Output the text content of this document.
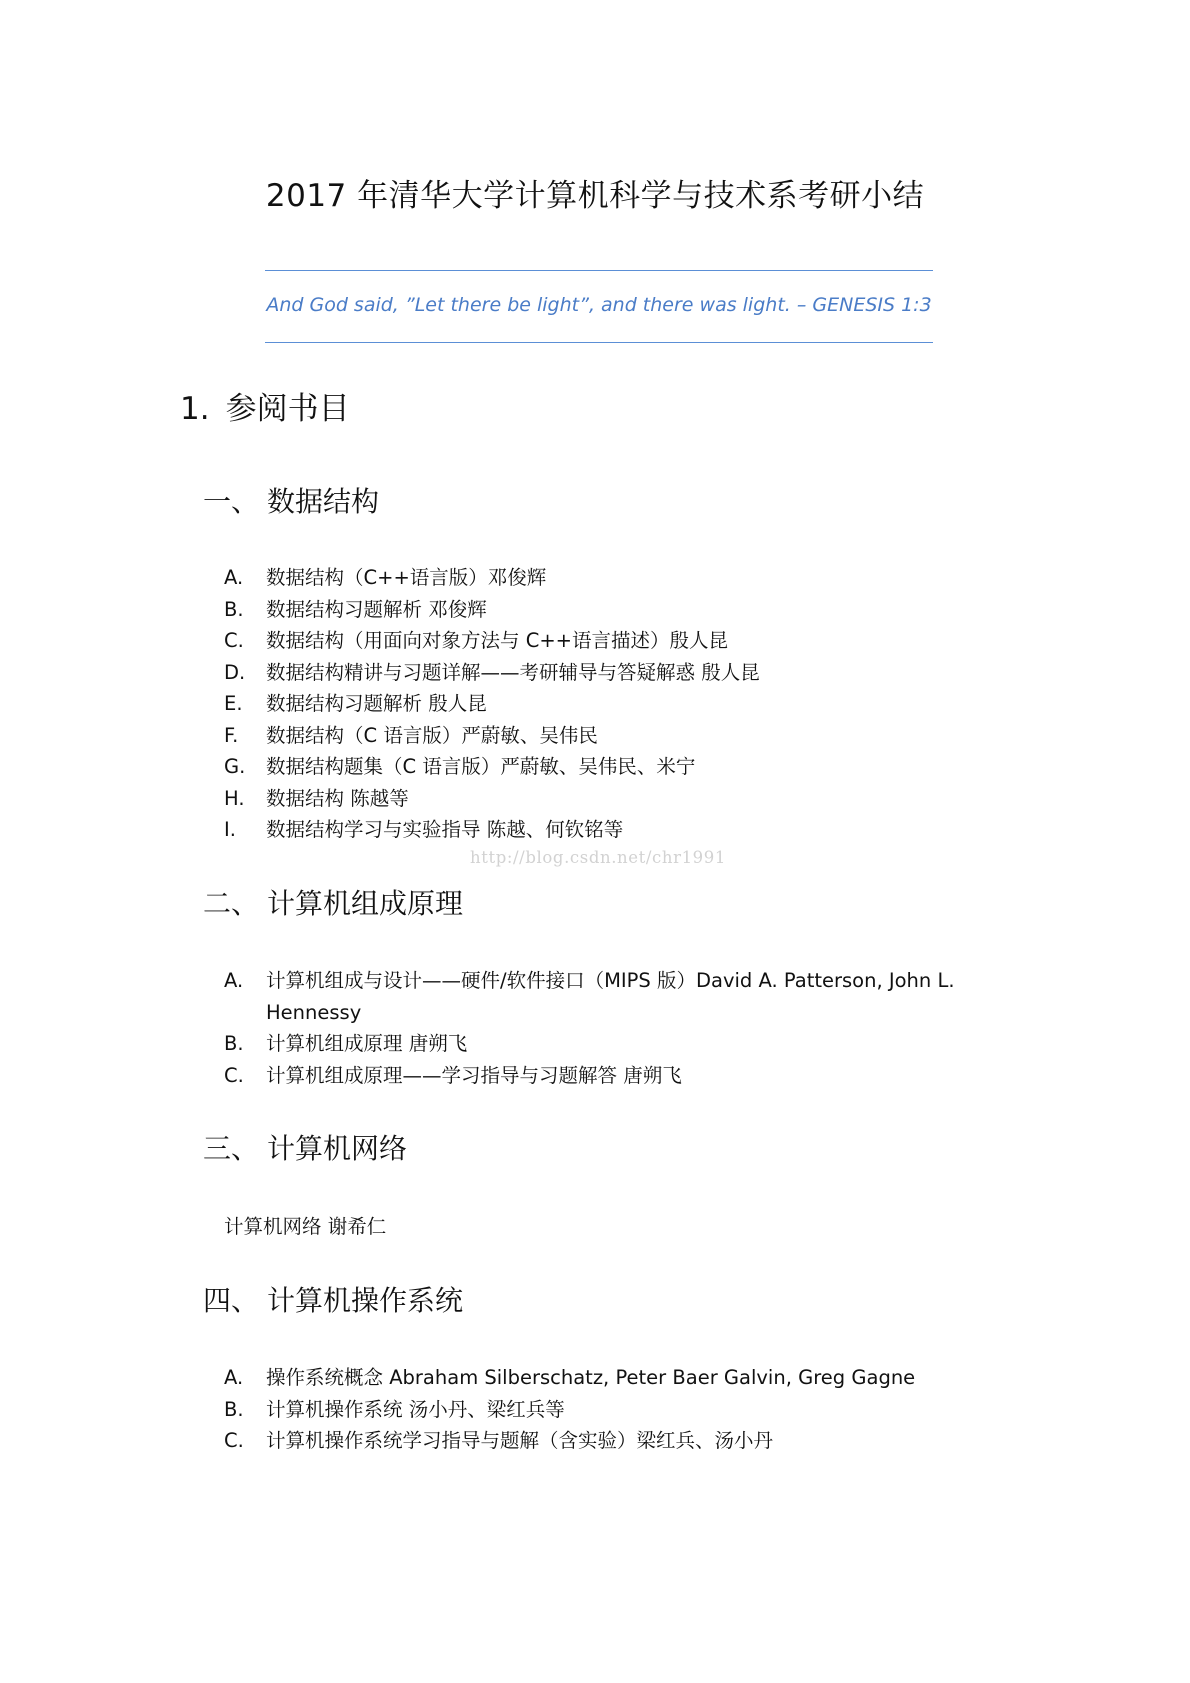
2017 年清华大学计算机科学与技术系考研小结
And God said, ”Let there be light”, and there was light. – GENESIS 1:3
1. 参阅书目
一、 数据结构
A.	数据结构（C++语言版）邓俊辉
B.	数据结构习题解析 邓俊辉
C.	数据结构（用面向对象方法与 C++语言描述）殷人昆
D.	数据结构精讲与习题详解——考研辅导与答疑解惑 殷人昆
E.	数据结构习题解析 殷人昆
F.	数据结构（C 语言版）严蔚敏、吴伟民
G.	数据结构题集（C 语言版）严蔚敏、吴伟民、米宁
H.	数据结构 陈越等
I.	数据结构学习与实验指导 陈越、何钦铭等
http://blog.csdn.net/chr1991
二、 计算机组成原理
A.	计算机组成与设计——硬件/软件接口（MIPS 版）David A. Patterson, John L. Hennessy
B.	计算机组成原理 唐朔飞
C.	计算机组成原理——学习指导与习题解答 唐朔飞
三、 计算机网络
计算机网络 谢希仁
四、 计算机操作系统
A.	操作系统概念 Abraham Silberschatz, Peter Baer Galvin, Greg Gagne
B.	计算机操作系统 汤小丹、梁红兵等
C.	计算机操作系统学习指导与题解（含实验）梁红兵、汤小丹
